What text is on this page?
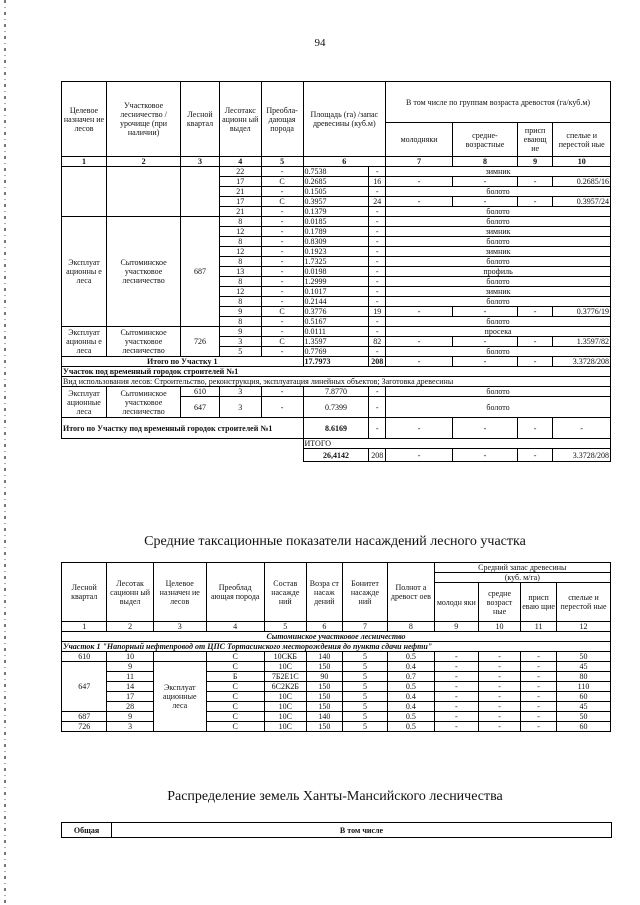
94
Целевое назначен ие лесов	Участковое лесничество /урочище (при наличии)	Лесной квартал	Лесотакс ационн ый выдел	Преобла- дающая порода	Площадь (га) /запас древесины (куб.м)		В том числе по группам возраста древостоя (га/куб.м)			
							молодняки	средне- возрастные	присп евающ ие	спелые и перестой ные
1	2	3	4	5	6		7	8	9	10
			22	-	0.7538	-	зимник			
			17	С	0.2685	16	-	-	-	0.2685/16
			21	-	0.1505	-	болото			
			17	С	0.3957	24	-	-	-	0.3957/24
			21	-	0.1379	-	болото			
Эксплуат ационны е леса	Сытоминское участковое лесничество	687	8	-	0.0185	-	болото			
			12	-	0.1789	-	зимник			
			8	-	0.8309	-	болото			
			12	-	0.1923	-	зимник			
			8	-	1.7325	-	болото			
			13	-	0.0198	-	профиль			
			8	-	1.2999	-	болото			
			12	-	0.1017	-	зимник			
			8	-	0.2144	-	болото			
			9	С	0.3776	19	-	-	-	0.3776/19
			8	-	0.5167	-	болото			
Эксплуат ационны е леса	Сытоминское участковое лесничество	726	9	-	0.0111	-	просека			
			3	С	1.3597	82	-	-	-	1.3597/82
			5	-	0.7769	-	болото			
Итого по Участку 1					17.7973	208	-	-	-	3.3728/208
Участок под временный городок строителей №1										
Вид использования лесов: Строительство, реконструкция, эксплуатация линейных объектов; Заготовка древесины										
Эксплуат ационные леса	Сытоминское участковое лесничество	610	3	-	7.8770	-	болото			
		647	3	-	0.7399	-	болото			
Итого по Участку под временный городок строителей №1					8.6169	-	-	-	-	-
					ИТОГО					
					26,4142	208	-	-	-	3.3728/208
Средние таксационные показатели насаждений лесного участка
Лесной квартал	Лесотак сационн ый выдел	Целевое назначен ие лесов	Преоблад ающая порода	Состав насажде ний	Возра ст насаж дений	Бонитет насажде ний	Полнот а древост оев	Средний запас древесины			
								(куб. м/га)			
								молодн яки	средне возраст ные	присп еваю щие	спелые и перестой ные
1	2	3	4	5	6	7	8	9	10	11	12
Сытоминское участковое лесничество											
Участок 1 "Напорный нефтепровод от ЦПС Тортасинского месторождения до пункта сдачи нефти"											
610	10		С	10СКБ	140	5	0.5	-	-	-	50
647	9	Эксплуат ационные леса	С	10С	150	5	0.4	-	-	-	45
	11		Б	7Б2Е1С	90	5	0.7	-	-	-	80
	14		С	6С2К2Б	150	5	0.5	-	-	-	110
	17		С	10С	150	5	0.4	-	-	-	60
	28		С	10С	150	5	0.4	-	-	-	45
687	9		С	10С	140	5	0.5	-	-	-	50
726	3		С	10С	150	5	0.5	-	-	-	60
Распределение земель Ханты-Мансийского лесничества
Общая	В том числе
